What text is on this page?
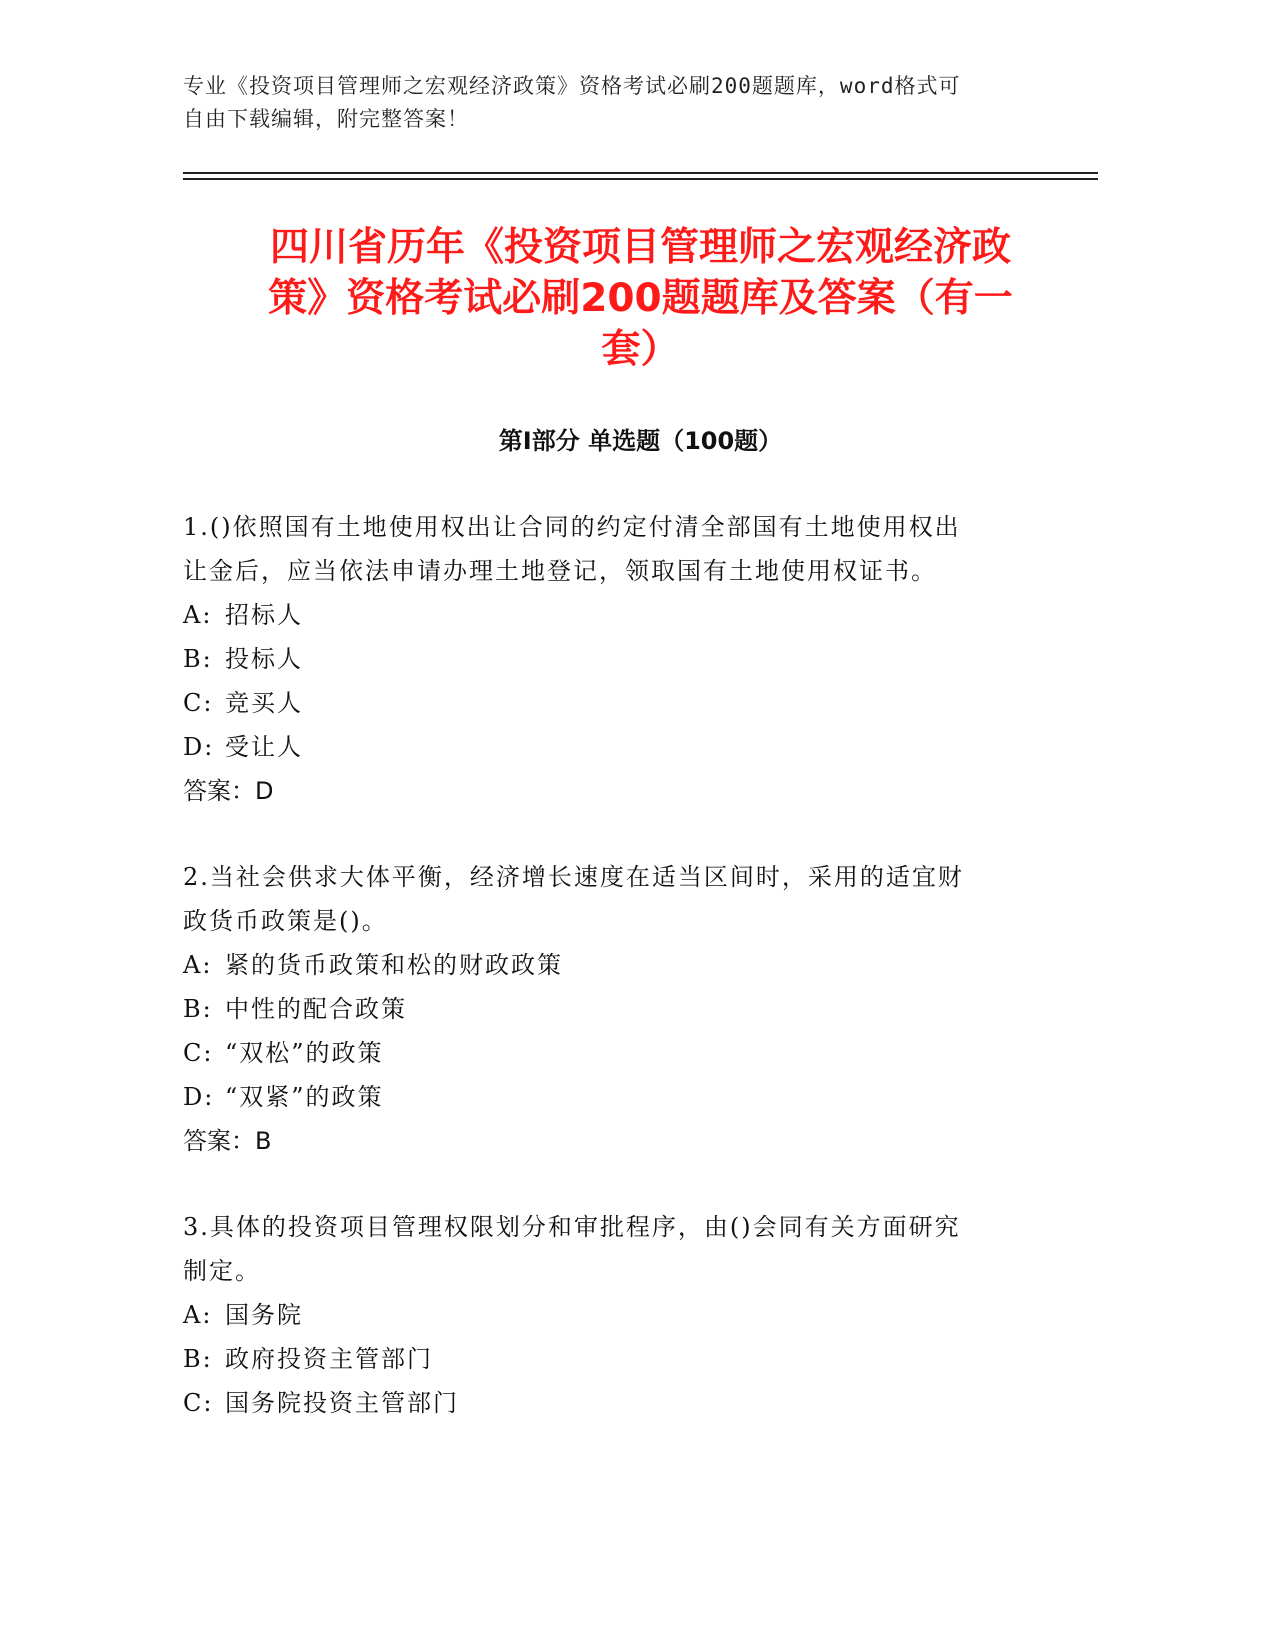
专业《投资项目管理师之宏观经济政策》资格考试必刷200题题库，word格式可
自由下载编辑，附完整答案！
四川省历年《投资项目管理师之宏观经济政
策》资格考试必刷200题题库及答案（有一
套）
第Ⅰ部分 单选题（100题）
1.()依照国有土地使用权出让合同的约定付清全部国有土地使用权出
让金后，应当依法申请办理土地登记，领取国有土地使用权证书。
A: 招标人
B: 投标人
C: 竞买人
D: 受让人
答案：D
2.当社会供求大体平衡，经济增长速度在适当区间时，采用的适宜财
政货币政策是()。
A: 紧的货币政策和松的财政政策
B: 中性的配合政策
C: “双松”的政策
D: “双紧”的政策
答案：B
3.具体的投资项目管理权限划分和审批程序，由()会同有关方面研究
制定。
A: 国务院
B: 政府投资主管部门
C: 国务院投资主管部门
